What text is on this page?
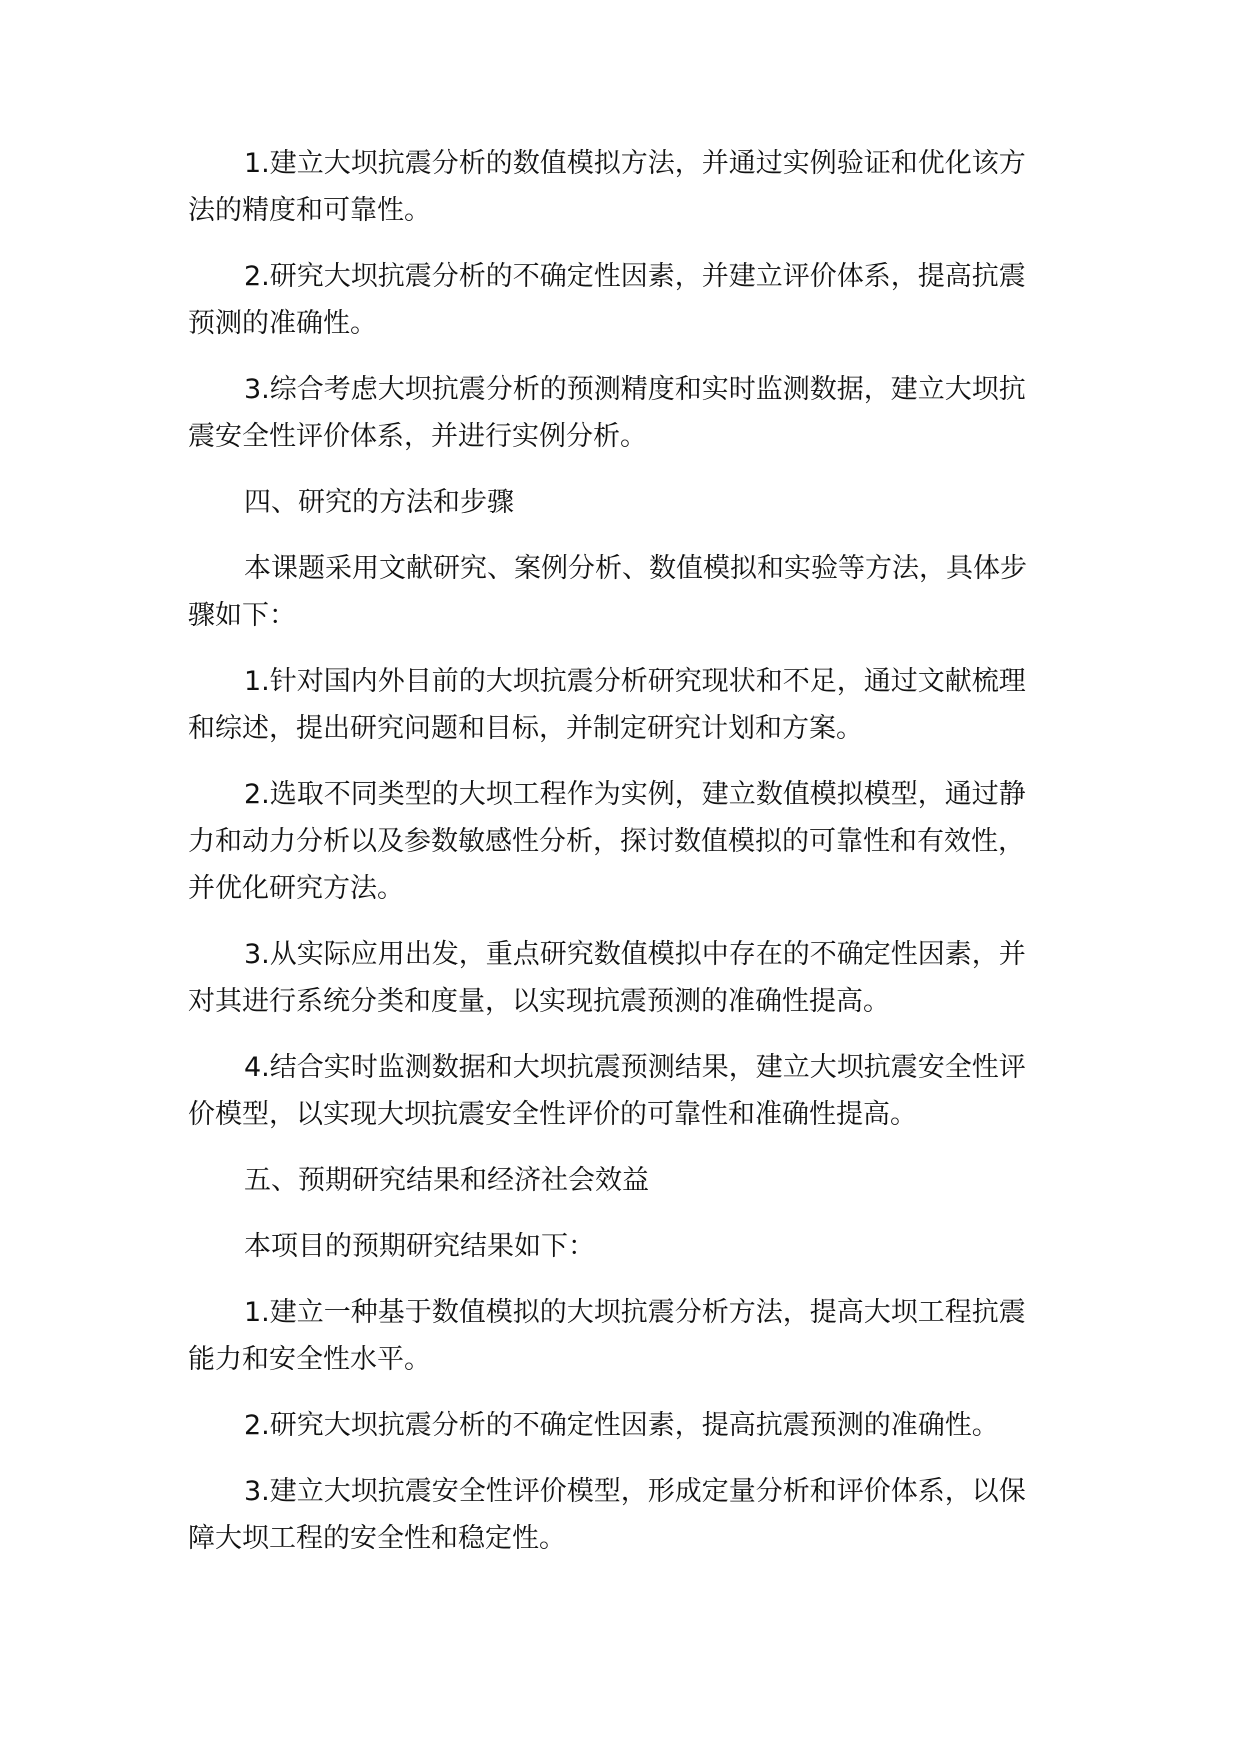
1.建立大坝抗震分析的数值模拟方法，并通过实例验证和优化该方法的精度和可靠性。

2.研究大坝抗震分析的不确定性因素，并建立评价体系，提高抗震预测的准确性。

3.综合考虑大坝抗震分析的预测精度和实时监测数据，建立大坝抗震安全性评价体系，并进行实例分析。

四、研究的方法和步骤

本课题采用文献研究、案例分析、数值模拟和实验等方法，具体步骤如下：

1.针对国内外目前的大坝抗震分析研究现状和不足，通过文献梳理和综述，提出研究问题和目标，并制定研究计划和方案。

2.选取不同类型的大坝工程作为实例，建立数值模拟模型，通过静力和动力分析以及参数敏感性分析，探讨数值模拟的可靠性和有效性，并优化研究方法。

3.从实际应用出发，重点研究数值模拟中存在的不确定性因素，并对其进行系统分类和度量，以实现抗震预测的准确性提高。

4.结合实时监测数据和大坝抗震预测结果，建立大坝抗震安全性评价模型，以实现大坝抗震安全性评价的可靠性和准确性提高。

五、预期研究结果和经济社会效益

本项目的预期研究结果如下：

1.建立一种基于数值模拟的大坝抗震分析方法，提高大坝工程抗震能力和安全性水平。

2.研究大坝抗震分析的不确定性因素，提高抗震预测的准确性。

3.建立大坝抗震安全性评价模型，形成定量分析和评价体系，以保障大坝工程的安全性和稳定性。
